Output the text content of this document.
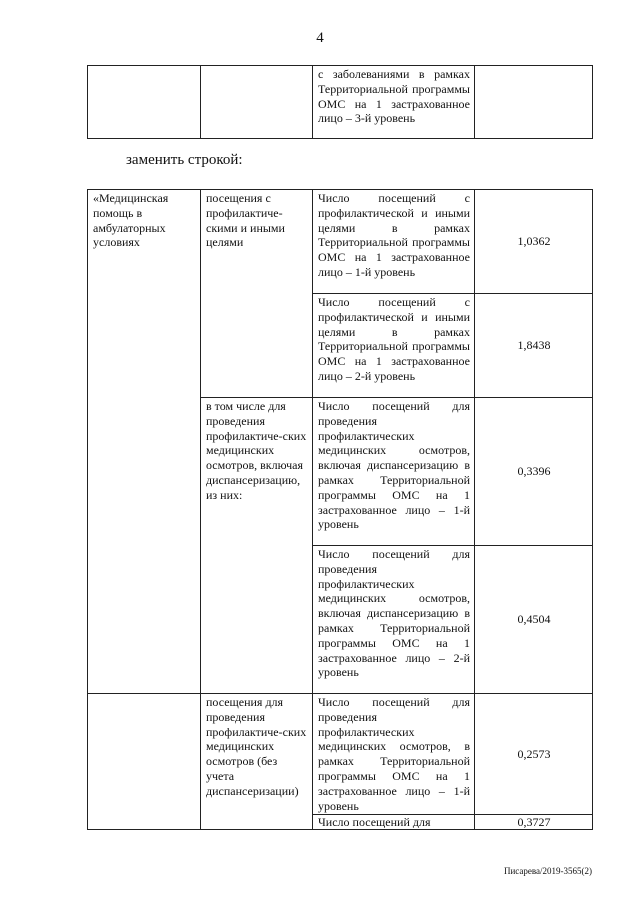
4
		с заболеваниями в рамках Территориальной программы ОМС на 1 застрахованное лицо – 3-й уровень	
заменить строкой:
«Медицинская помощь в амбулаторных условиях	посещения с профилактиче-скими и иными целями	Число посещений с профилактической и иными целями в рамках Территориальной программы ОМС на 1 застрахованное лицо – 1-й уровень	1,0362
		Число посещений с профилактической и иными целями в рамках Территориальной программы ОМС на 1 застрахованное лицо – 2-й уровень	1,8438
	в том числе для проведения профилактиче-ских медицинских осмотров, включая диспансеризацию, из них:	Число посещений для проведения профилактических медицинских осмотров, включая диспансеризацию в рамках Территориальной программы ОМС на 1 застрахованное лицо – 1-й уровень	0,3396
		Число посещений для проведения профилактических медицинских осмотров, включая диспансеризацию в рамках Территориальной программы ОМС на 1 застрахованное лицо – 2-й уровень	0,4504
	посещения для проведения профилактиче-ских медицинских осмотров (без учета диспансеризации)	Число посещений для проведения профилактических медицинских осмотров, в рамках Территориальной программы ОМС на 1 застрахованное лицо – 1-й уровень	0,2573

		Число посещений для	0,3727
Писарева/2019-3565(2)
